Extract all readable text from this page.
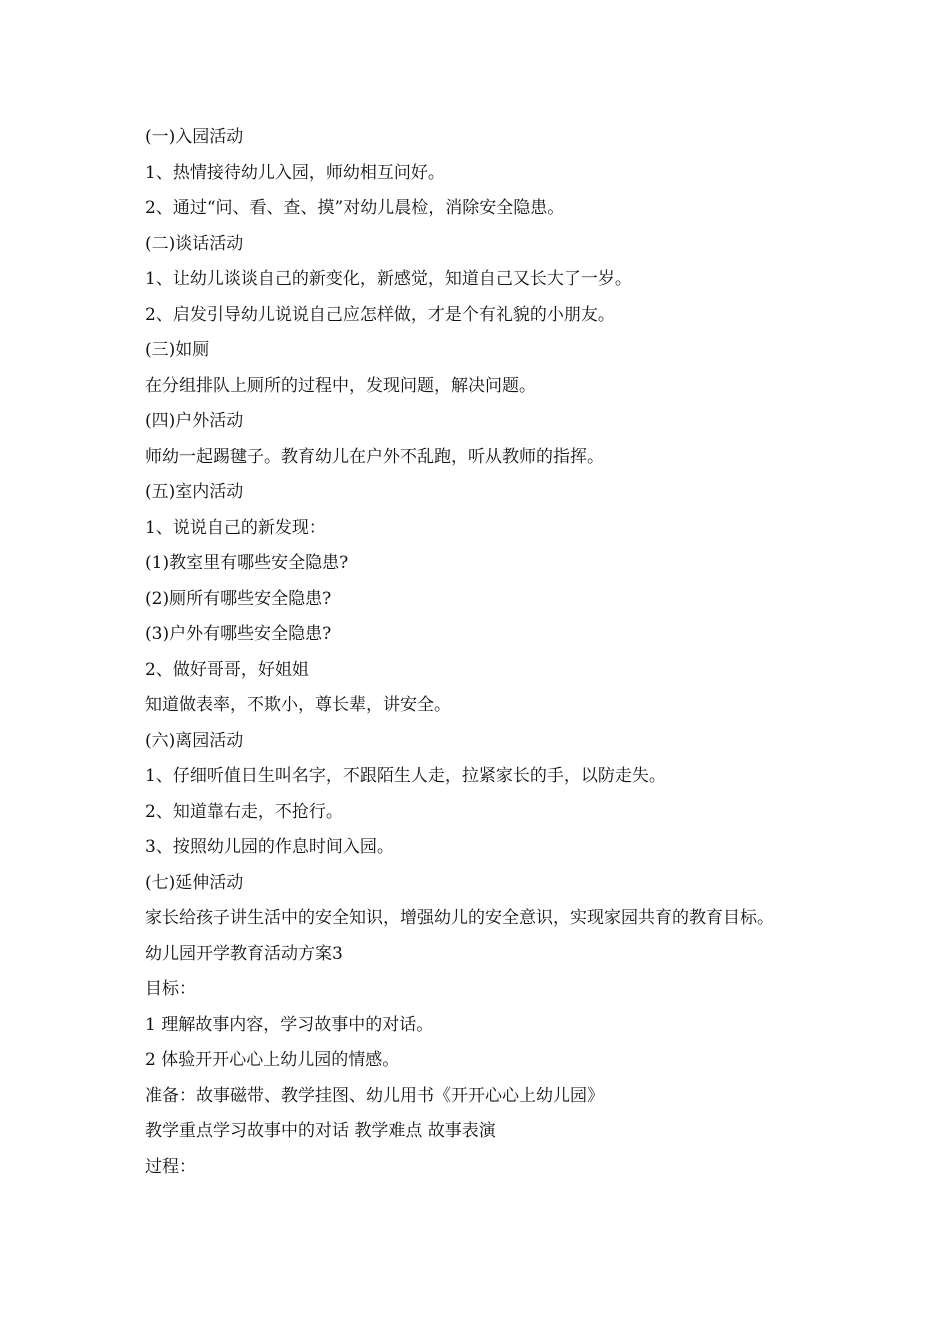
(一)入园活动
1、热情接待幼儿入园，师幼相互问好。
2、通过“问、看、查、摸”对幼儿晨检，消除安全隐患。
(二)谈话活动
1、让幼儿谈谈自己的新变化，新感觉，知道自己又长大了一岁。
2、启发引导幼儿说说自己应怎样做，才是个有礼貌的小朋友。
(三)如厕
在分组排队上厕所的过程中，发现问题，解决问题。
(四)户外活动
师幼一起踢毽子。教育幼儿在户外不乱跑，听从教师的指挥。
(五)室内活动
1、说说自己的新发现：
(1)教室里有哪些安全隐患?
(2)厕所有哪些安全隐患?
(3)户外有哪些安全隐患?
2、做好哥哥，好姐姐
知道做表率，不欺小，尊长辈，讲安全。
(六)离园活动
1、仔细听值日生叫名字，不跟陌生人走，拉紧家长的手，以防走失。
2、知道靠右走，不抢行。
3、按照幼儿园的作息时间入园。
(七)延伸活动
家长给孩子讲生活中的安全知识，增强幼儿的安全意识，实现家园共育的教育目标。
幼儿园开学教育活动方案3
目标：
1 理解故事内容，学习故事中的对话。
2 体验开开心心上幼儿园的情感。
准备：故事磁带、教学挂图、幼儿用书《开开心心上幼儿园》
教学重点学习故事中的对话 教学难点 故事表演
过程：
